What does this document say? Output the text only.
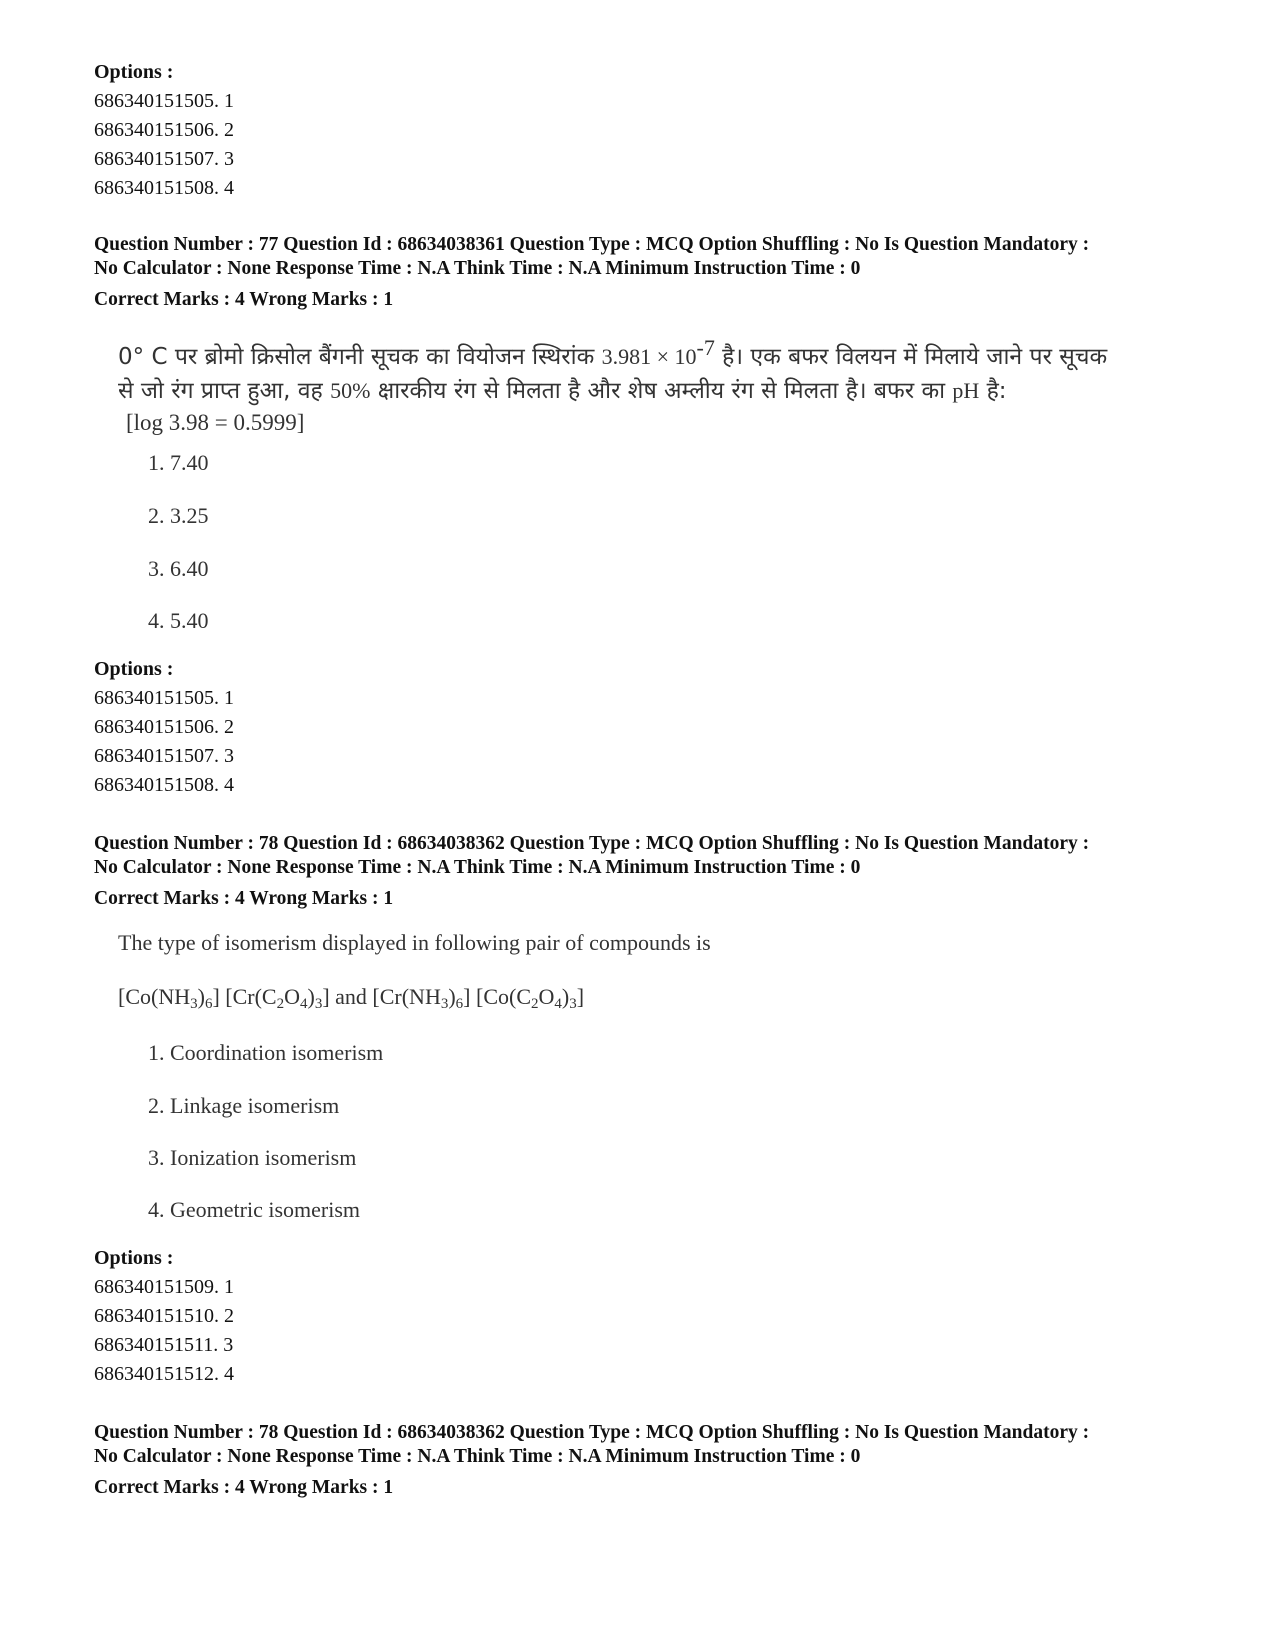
Options :
686340151505. 1
686340151506. 2
686340151507. 3
686340151508. 4
Question Number : 77 Question Id : 68634038361 Question Type : MCQ Option Shuffling : No Is Question Mandatory :
No Calculator : None Response Time : N.A Think Time : N.A Minimum Instruction Time : 0
Correct Marks : 4 Wrong Marks : 1
0° C पर ब्रोमो क्रिसोल बैंगनी सूचक का वियोजन स्थिरांक $3.981 \times 10^{-7}$ है। एक बफर विलयन में मिलाये जाने पर सूचक
से जो रंग प्राप्त हुआ, वह 50% क्षारकीय रंग से मिलता है और शेष अम्लीय रंग से मिलता है। बफर का pH है:
[log 3.98 = 0.5999]
1. 7.40
2. 3.25
3. 6.40
4. 5.40
Options :
686340151505. 1
686340151506. 2
686340151507. 3
686340151508. 4
Question Number : 78 Question Id : 68634038362 Question Type : MCQ Option Shuffling : No Is Question Mandatory :
No Calculator : None Response Time : N.A Think Time : N.A Minimum Instruction Time : 0
Correct Marks : 4 Wrong Marks : 1
The type of isomerism displayed in following pair of compounds is
$[Co(NH_3)_6]$ $[Cr(C_2O_4)_3]$ and $[Cr(NH_3)_6]$ $[Co(C_2O_4)_3]$
1. Coordination isomerism
2. Linkage isomerism
3. Ionization isomerism
4. Geometric isomerism
Options :
686340151509. 1
686340151510. 2
686340151511. 3
686340151512. 4
Question Number : 78 Question Id : 68634038362 Question Type : MCQ Option Shuffling : No Is Question Mandatory :
No Calculator : None Response Time : N.A Think Time : N.A Minimum Instruction Time : 0
Correct Marks : 4 Wrong Marks : 1
